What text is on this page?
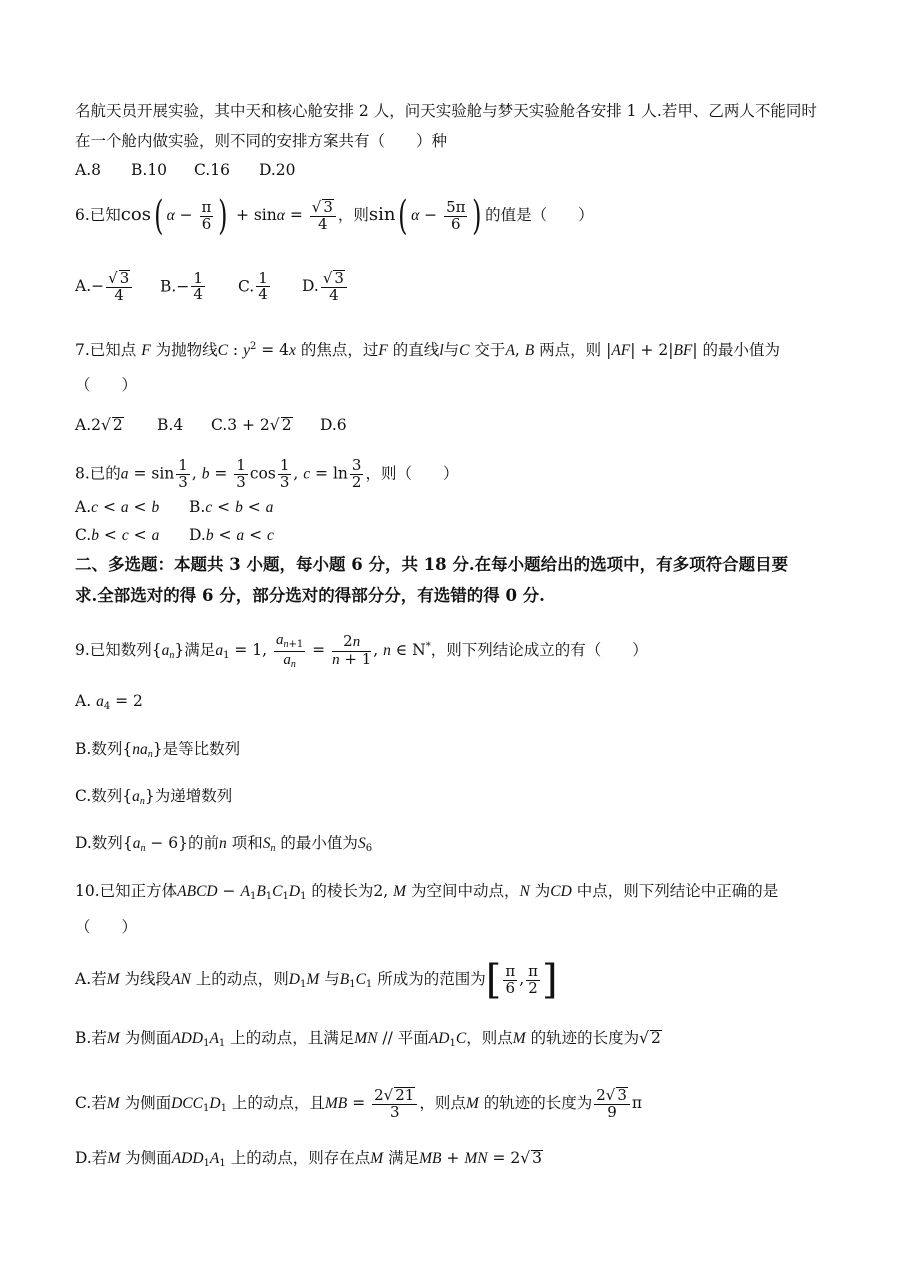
名航天员开展实验，其中天和核心舱安排 2 人，问天实验舱与梦天实验舱各安排 1 人.若甲、乙两人不能同时
在一个舱内做实验，则不同的安排方案共有（　　）种
A.8 B.10 C.16 D.20
6.已知cos( $\alpha - \frac{\pi}{6}$ ) + $\sin\alpha = \frac{√ 3}{4}$ ，则sin( $\alpha - \frac{5\pi}{6}$ ) 的值是（　　）
$A.- \frac{√ 3}{4} B.- \frac{1}{4} C$. $\frac{1}{4} D$. $\frac{√ 3}{4}$
7.已知点 F 为抛物线C : $y^2 = 4x$ 的焦点，过F 的直线l与C 交于A, B 两点，则 |AF| + 2|BF| 的最小值为
（　　）
A.2√ 2 B.4 C.3 + 2√ 2 D.6
8.已的$a = \sin \frac{1}{3}$ , $b = \frac{1}{3}$ $\cos \frac{1}{3}$ , $c = \ln \frac{3}{2}$ ，则（　　）
A.c < a < b B.c < b < a
C.b < c < a D.b < a < c
二、多选题：本题共 3 小题，每小题 6 分，共 18 分.在每小题给出的选项中，有多项符合题目要
求.全部选对的得 6 分，部分选对的得部分分，有选错的得 0 分.
9.已知数列$\{a_n\}$满足$a_1 = 1$, $\frac{a_{n+1}}{a_n} = \frac{2n}{n + 1}$ , n ∈ N*，则下列结论成立的有（　　）
A. $a_4 = 2$
B.数列$\{na_n\}$是等比数列
C.数列$\{a_n\}$为递增数列
D.数列$\{a_n - 6\}$的前n 项和$S_n$ 的最小值为$S_6$
10.已知正方体ABCD − $A_1B_1C_1D_1$ 的棱长为2, M 为空间中动点，N 为CD 中点，则下列结论中正确的是
（　　）
A.若M 为线段AN 上的动点，则$D_1M$ 与$B_1C_1$ 所成为的范围为[ $\frac{\pi}{6}$ , $\frac{\pi}{2}$ ]
B.若M 为侧面$ADD_1A_1$ 上的动点，且满足MN // 平面$AD_1C$，则点M 的轨迹的长度为√ 2
C.若M 为侧面$DCC_1D_1$ 上的动点，且MB = $\frac{2√ 21}{3}$ ，则点M 的轨迹的长度为 $\frac{2√ 3}{9}$ π
D.若M 为侧面$ADD_1A_1$ 上的动点，则存在点M 满足MB + MN = 2√ 3
